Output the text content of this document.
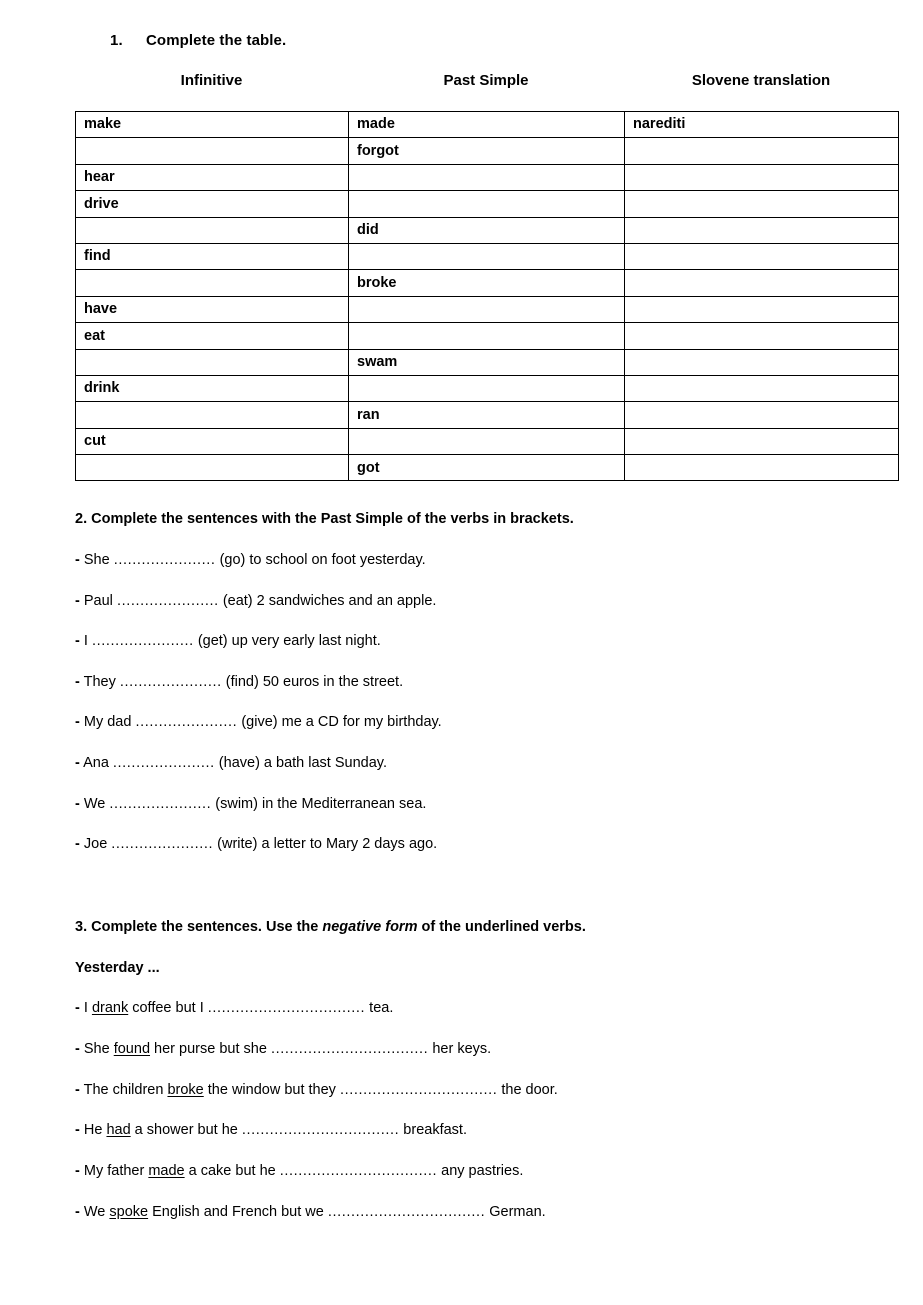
1. Complete the table.
Infinitive	Past Simple	Slovene translation
make	made	narediti
	forgot	
hear		
drive		
	did	
find		
	broke	
have		
eat		
	swam	
drink		
	ran	
cut		
	got	
2. Complete the sentences with the Past Simple of the verbs in brackets.
- She ...................... (go) to school on foot yesterday.
- Paul ...................... (eat) 2 sandwiches and an apple.
- I ...................... (get) up very early last night.
- They ...................... (find) 50 euros in the street.
- My dad ...................... (give) me a CD for my birthday.
- Ana ...................... (have) a bath last Sunday.
- We ...................... (swim) in the Mediterranean sea.
- Joe ...................... (write) a letter to Mary 2 days ago.
3. Complete the sentences. Use the negative form of the underlined verbs.
Yesterday ...
- I drank coffee but I .................................. tea.
- She found her purse but she .................................. her keys.
- The children broke the window but they .................................. the door.
- He had a shower but he .................................. breakfast.
- My father made a cake but he .................................. any pastries.
- We spoke English and French but we .................................. German.
